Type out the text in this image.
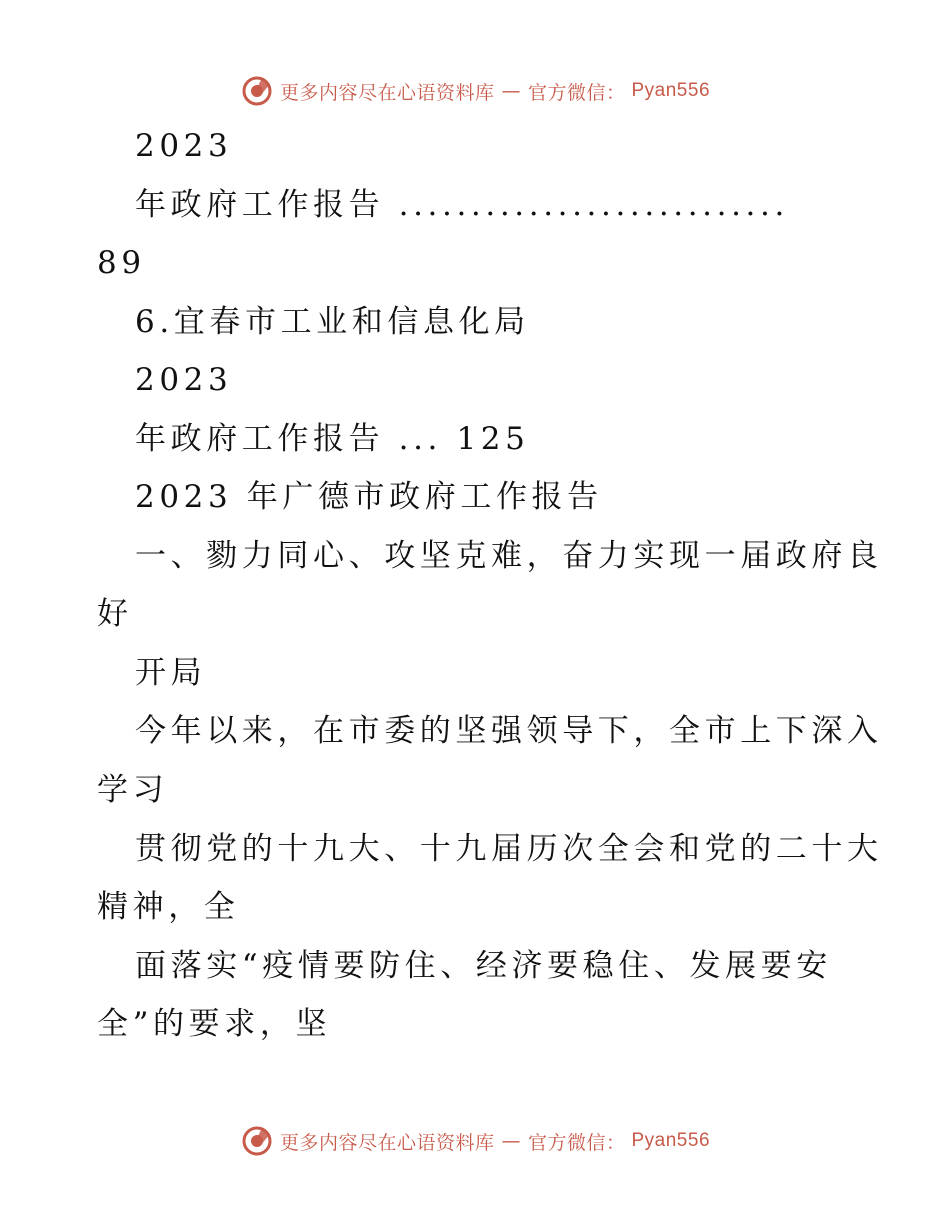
更多内容尽在心语资料库 — 官方微信： Pyan556
2023
年政府工作报告 ...........................
89
6.宜春市工业和信息化局
2023
年政府工作报告 ... 125
2023 年广德市政府工作报告
一、勠力同心、攻坚克难，奋力实现一届政府良
好
开局
今年以来，在市委的坚强领导下，全市上下深入
学习
贯彻党的十九大、十九届历次全会和党的二十大
精神，全
面落实“疫情要防住、经济要稳住、发展要安
全”的要求，坚
更多内容尽在心语资料库 — 官方微信： Pyan556
